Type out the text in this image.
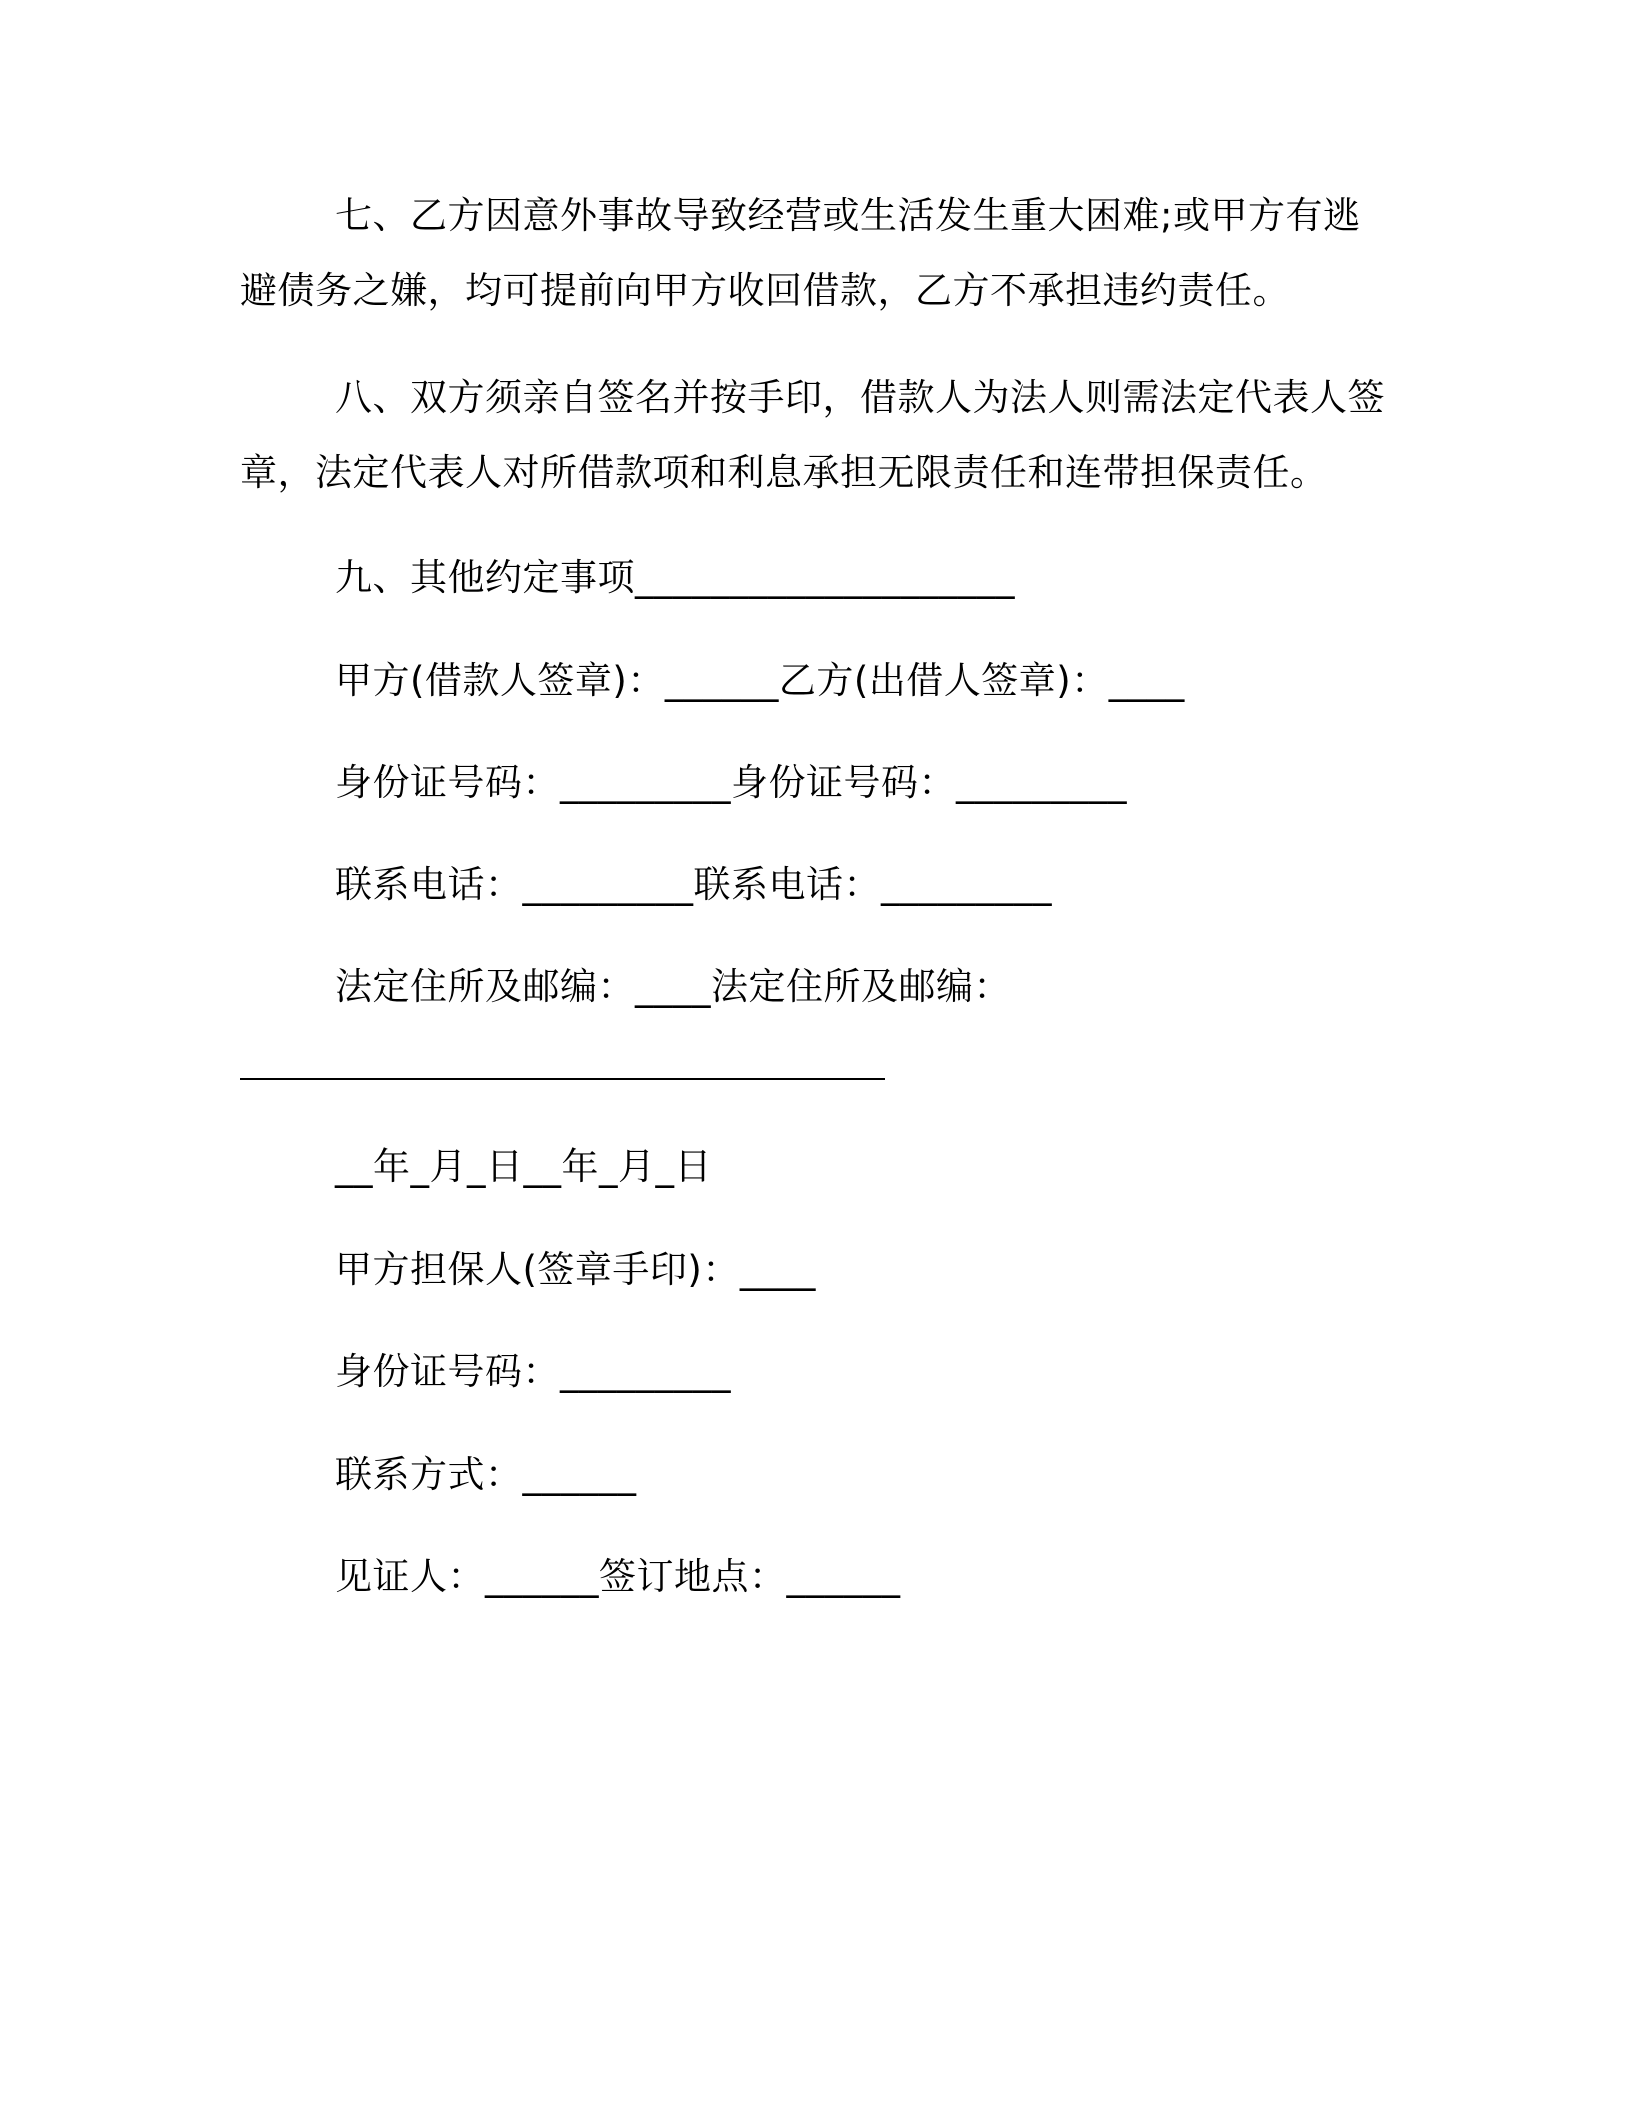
七、乙方因意外事故导致经营或生活发生重大困难;或甲方有逃避债务之嫌，均可提前向甲方收回借款，乙方不承担违约责任。
八、双方须亲自签名并按手印，借款人为法人则需法定代表人签章，法定代表人对所借款项和利息承担无限责任和连带担保责任。
九、其他约定事项____________________
甲方(借款人签章)：______乙方(出借人签章)：____
身份证号码：_________身份证号码：_________
联系电话：_________联系电话：_________
法定住所及邮编：____法定住所及邮编：
__年_月_日__年_月_日
甲方担保人(签章手印)：____
身份证号码：_________
联系方式：______
见证人：______签订地点：______
